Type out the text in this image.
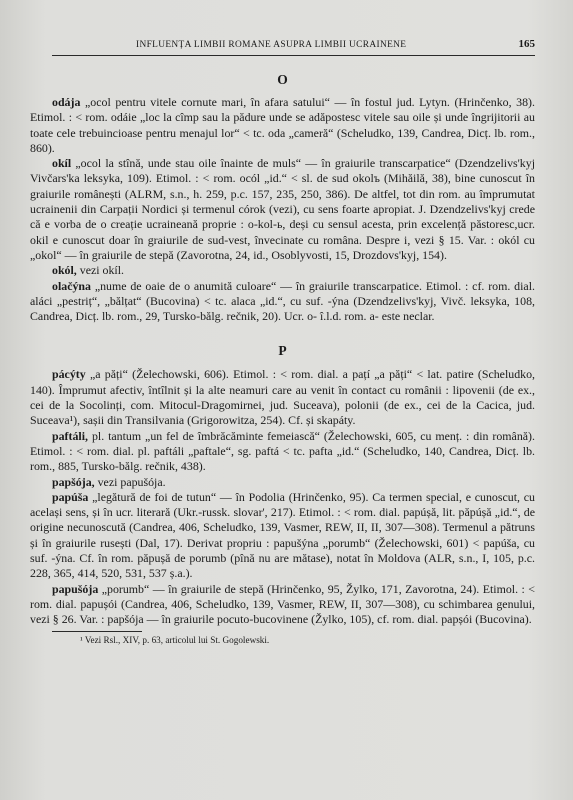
INFLUENȚA LIMBII ROMANE ASUPRA LIMBII UCRAINENE	165
O

odája „ocol pentru vitele cornute mari, în afara satului“ — în fostul jud. Lytyn. (Hrinčenko, 38). Etimol. : < rom. odáie „loc la cîmp sau la pădure unde se adăpostesc vitele sau oile și unde îngrijitorii au toate cele trebuincioase pentru menajul lor“ < tc. oda „cameră“ (Scheludko, 139, Candrea, Dicț. lb. rom., 860).

okíl „ocol la stînă, unde stau oile înainte de muls“ — în graiurile transcarpatice“ (Dzendzelivs'kyj Vivčars'ka leksyka, 109). Etimol. : < rom. ocól „id.“ < sl. de sud okolъ (Mihăilă, 38), bine cunoscut în graiurile românești (ALRM, s.n., h. 259, p.c. 157, 235, 250, 386). De altfel, tot din rom. au împrumutat ucrainenii din Carpații Nordici și termenul córok (vezi), cu sens foarte apropiat. J. Dzendzelivs'kyj crede că e vorba de o creație ucraineană proprie : o-kol-ь, deși cu sensul acesta, prin excelență păstoresc,ucr. okil e cunoscut doar în graiurile de sud-vest, învecinate cu româna. Despre i, vezi § 15. Var. : okól cu „okol“ — în graiurile de stepă (Zavorotna, 24, id., Osoblyvosti, 15, Drozdovs'kyj, 154).

okól, vezi okíl.

olačýna „nume de oaie de o anumită culoare“ — în graiurile transcarpatice. Etimol. : cf. rom. dial. aláci „pestriț“, „bălțat“ (Bucovina) < tc. alaca „id.“, cu suf. -ýna (Dzendzelivs'kyj, Vivč. leksyka, 108, Candrea, Dicț. lb. rom., 29, Tursko-bălg. rečnik, 20). Ucr. o- î.l.d. rom. a- este neclar.

P

pácýty „a păți“ (Želechowski, 606). Etimol. : < rom. dial. a pațí „a păți“ < lat. patire (Scheludko, 140). Împrumut afectiv, întîlnit și la alte neamuri care au venit în contact cu românii : lipovenii (de ex., cei de la Socolinți, com. Mitocul-Dragomirnei, jud. Suceava), polonii (de ex., cei de la Cacica, jud. Suceava¹), sașii din Transilvania (Grigorowitza, 254). Cf. și skapáty.

paftáli, pl. tantum „un fel de îmbrăcăminte femeiască“ (Želechowski, 605, cu menț. : din română). Etimol. : < rom. dial. pl. paftáli „paftale“, sg. paftá < tc. pafta „id.“ (Scheludko, 140, Candrea, Dicț. lb. rom., 885, Tursko-bălg. rečnik, 438).

papšója, vezi papušója.

papúša „legătură de foi de tutun“ — în Podolia (Hrinčenko, 95). Ca termen special, e cunoscut, cu același sens, și în ucr. literară (Ukr.-russk. slovar', 217). Etimol. : < rom. dial. papúșă, lit. păpúșă „id.“, de origine necunoscută (Candrea, 406, Scheludko, 139, Vasmer, REW, II, II, 307—308). Termenul a pătruns și în graiurile rusești (Dal, 17). Derivat propriu : papušýna „porumb“ (Želechowski, 601) < papúša, cu suf. -ýna. Cf. în rom. păpușă de porumb (pînă nu are mătase), notat în Moldova (ALR, s.n., I, 105, p.c. 228, 365, 414, 520, 531, 537 ș.a.).

papušója „porumb“ — în graiurile de stepă (Hrinčenko, 95, Žylko, 171, Zavorotna, 24). Etimol. : < rom. dial. papușói (Candrea, 406, Scheludko, 139, Vasmer, REW, II, 307—308), cu schimbarea genului, vezi § 26. Var. : papšója — în graiurile pocuto-bucovinene (Žylko, 105), cf. rom. dial. papșói (Bucovina).

¹ Vezi Rsl., XIV, p. 63, articolul lui St. Gogolewski.
